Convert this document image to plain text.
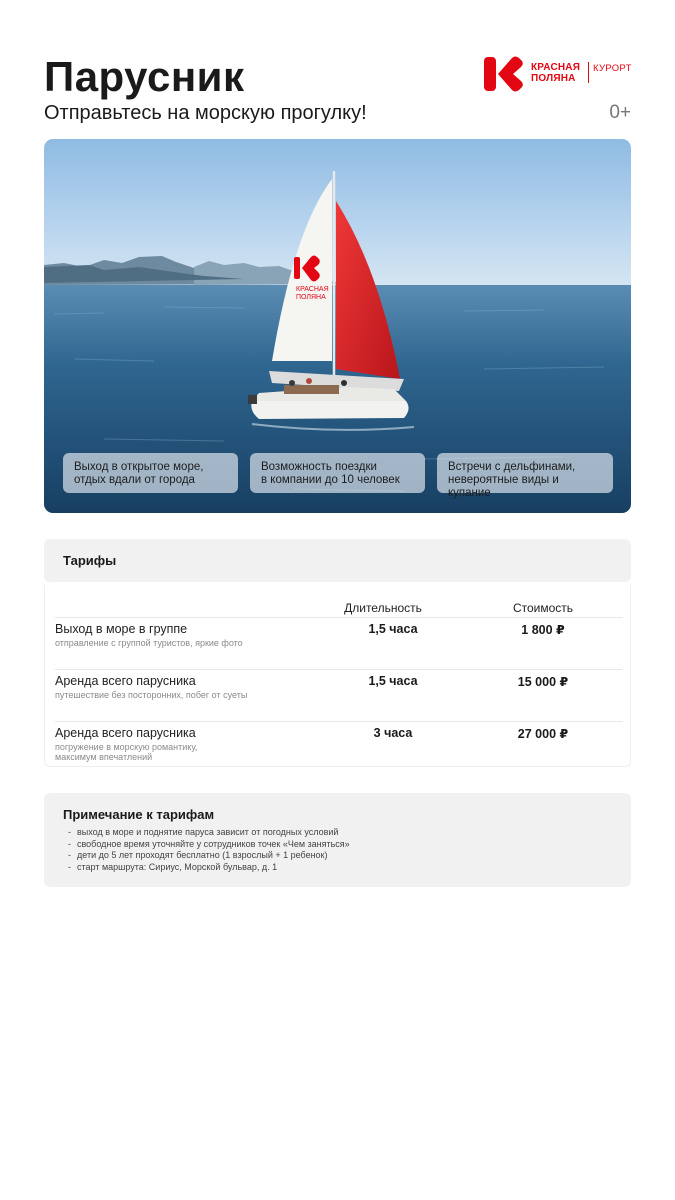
Парусник
Отправьтесь на морскую прогулку!	0+
КРАСНАЯ
ПОЛЯНА
КУРОРТ
КРАСНАЯ
ПОЛЯНА
Выход в открытое море,
отдых вдали от города
Возможность поездки
в компании до 10 человек
Встречи с дельфинами,
невероятные виды и купание
Тарифы
Длительность	Стоимость
Выход в море в группе
отправление с группой туристов, яркие фото
1,5 часа	1 800 ₽
Аренда всего парусника
путешествие без посторонних, побег от суеты
1,5 часа	15 000 ₽
Аренда всего парусника
погружение в морскую романтику,
максимум впечатлений
3 часа	27 000 ₽
Примечание к тарифам
- выход в море и поднятие паруса зависит от погодных условий
- свободное время уточняйте у сотрудников точек «Чем заняться»
- дети до 5 лет проходят бесплатно (1 взрослый + 1 ребенок)
- старт маршрута: Сириус, Морской бульвар, д. 1
